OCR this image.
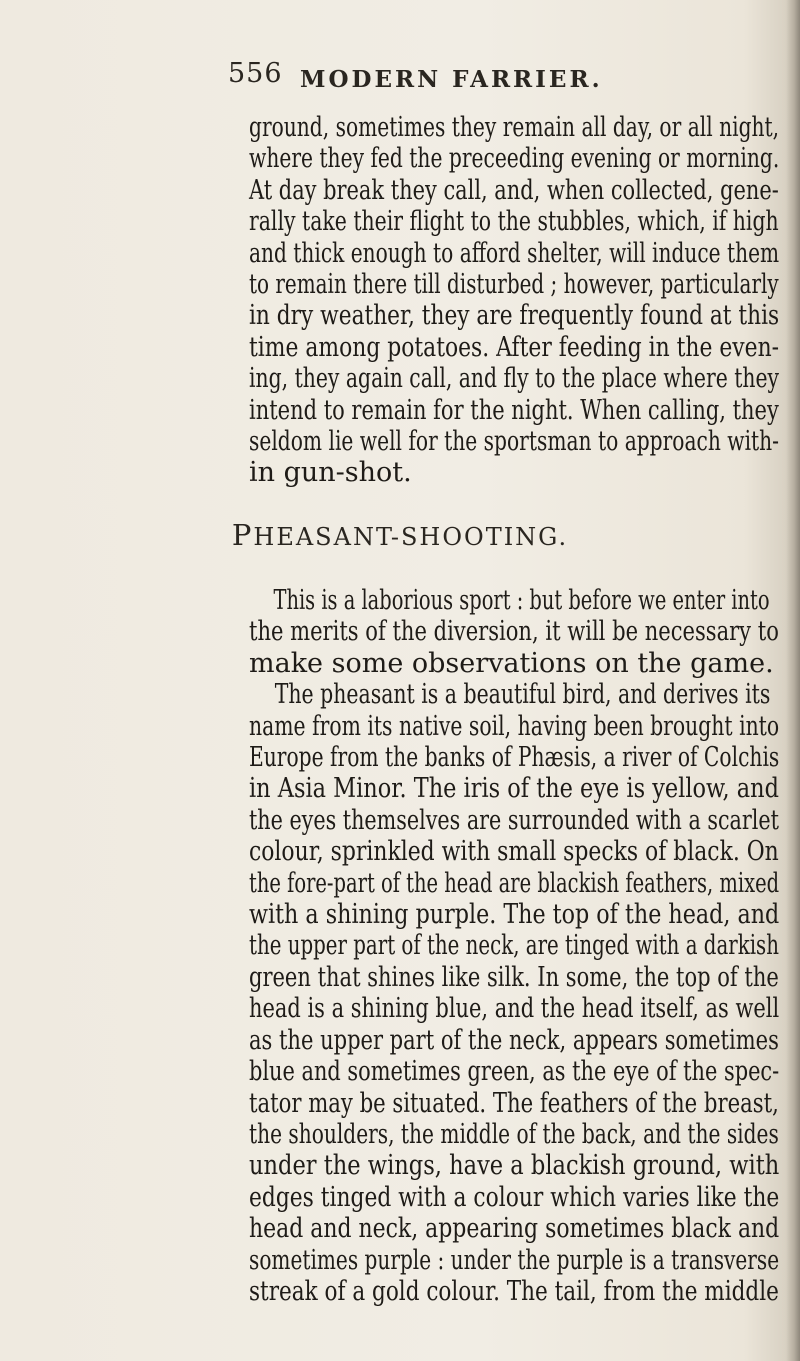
556 MODERN FARRIER.
ground, sometimes they remain all day, or all night,
where they fed the preceeding evening or morning.
At day break they call, and, when collected, gene-
rally take their flight to the stubbles, which, if high
and thick enough to afford shelter, will induce them
to remain there till disturbed ; however, particularly
in dry weather, they are frequently found at this
time among potatoes. After feeding in the even-
ing, they again call, and fly to the place where they
intend to remain for the night. When calling, they
seldom lie well for the sportsman to approach with-
in gun-shot.
PHEASANT-SHOOTING.
This is a laborious sport : but before we enter into
the merits of the diversion, it will be necessary to
make some observations on the game.
The pheasant is a beautiful bird, and derives its
name from its native soil, having been brought into
Europe from the banks of Phæsis, a river of Colchis
in Asia Minor. The iris of the eye is yellow, and
the eyes themselves are surrounded with a scarlet
colour, sprinkled with small specks of black. On
the fore-part of the head are blackish feathers, mixed
with a shining purple. The top of the head, and
the upper part of the neck, are tinged with a darkish
green that shines like silk. In some, the top of the
head is a shining blue, and the head itself, as well
as the upper part of the neck, appears sometimes
blue and sometimes green, as the eye of the spec-
tator may be situated. The feathers of the breast,
the shoulders, the middle of the back, and the sides
under the wings, have a blackish ground, with
edges tinged with a colour which varies like the
head and neck, appearing sometimes black and
sometimes purple : under the purple is a transverse
streak of a gold colour. The tail, from the middle
